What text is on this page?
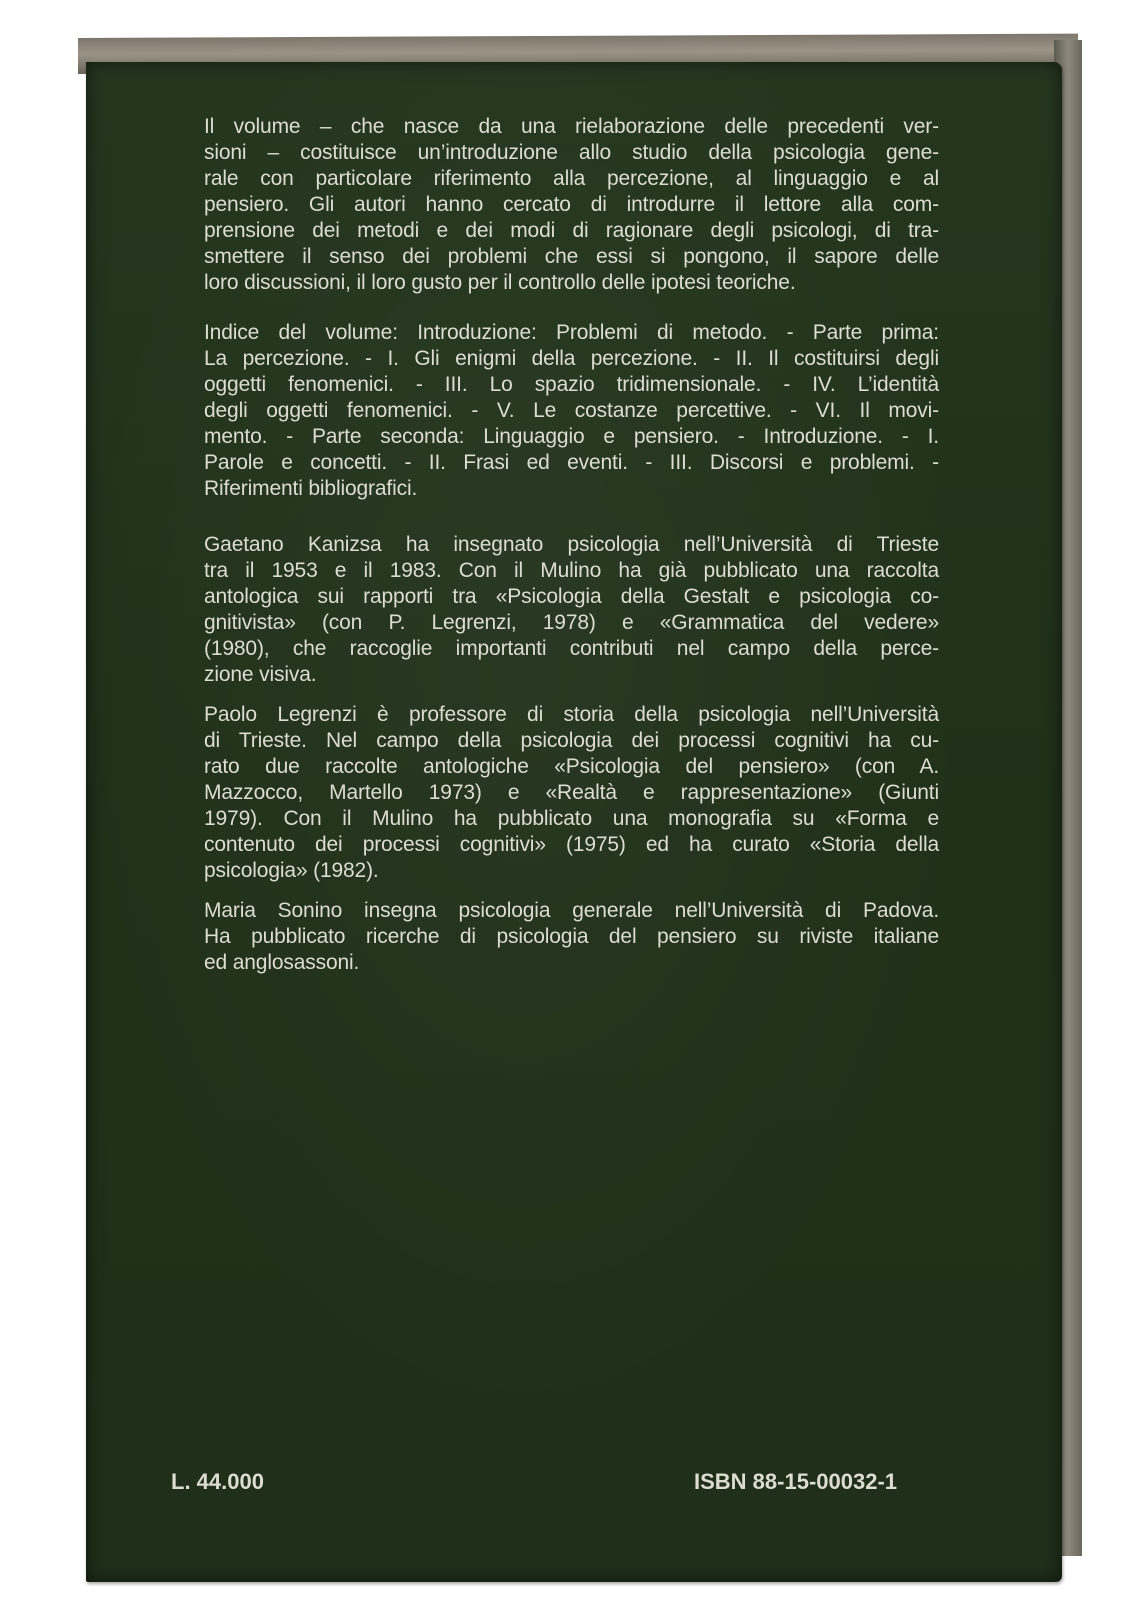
Il volume – che nasce da una rielaborazione delle precedenti ver-
sioni – costituisce un’introduzione allo studio della psicologia gene-
rale con particolare riferimento alla percezione, al linguaggio e al
pensiero. Gli autori hanno cercato di introdurre il lettore alla com-
prensione dei metodi e dei modi di ragionare degli psicologi, di tra-
smettere il senso dei problemi che essi si pongono, il sapore delle
loro discussioni, il loro gusto per il controllo delle ipotesi teoriche.

Indice del volume: Introduzione: Problemi di metodo. - Parte prima:
La percezione. - I. Gli enigmi della percezione. - II. Il costituirsi degli
oggetti fenomenici. - III. Lo spazio tridimensionale. - IV. L’identità
degli oggetti fenomenici. - V. Le costanze percettive. - VI. Il movi-
mento. - Parte seconda: Linguaggio e pensiero. - Introduzione. - I.
Parole e concetti. - II. Frasi ed eventi. - III. Discorsi e problemi. -
Riferimenti bibliografici.

Gaetano Kanizsa ha insegnato psicologia nell’Università di Trieste
tra il 1953 e il 1983. Con il Mulino ha già pubblicato una raccolta
antologica sui rapporti tra «Psicologia della Gestalt e psicologia co-
gnitivista» (con P. Legrenzi, 1978) e «Grammatica del vedere»
(1980), che raccoglie importanti contributi nel campo della perce-
zione visiva.

Paolo Legrenzi è professore di storia della psicologia nell’Università
di Trieste. Nel campo della psicologia dei processi cognitivi ha cu-
rato due raccolte antologiche «Psicologia del pensiero» (con A.
Mazzocco, Martello 1973) e «Realtà e rappresentazione» (Giunti
1979). Con il Mulino ha pubblicato una monografia su «Forma e
contenuto dei processi cognitivi» (1975) ed ha curato «Storia della
psicologia» (1982).

Maria Sonino insegna psicologia generale nell’Università di Padova.
Ha pubblicato ricerche di psicologia del pensiero su riviste italiane
ed anglosassoni.

L. 44.000	ISBN 88-15-00032-1
